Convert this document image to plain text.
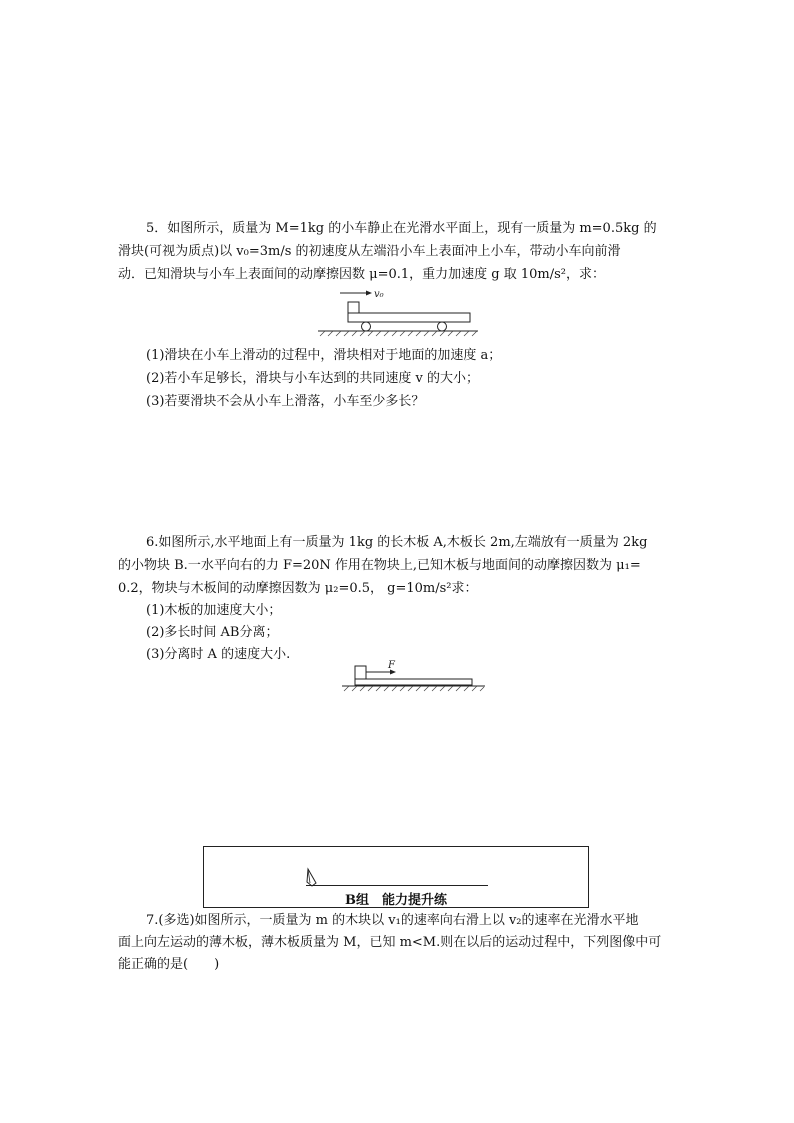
5．如图所示，质量为 M=1kg 的小车静止在光滑水平面上，现有一质量为 m=0.5kg 的
滑块(可视为质点)以 v₀=3m/s 的初速度从左端沿小车上表面冲上小车，带动小车向前滑
动．已知滑块与小车上表面间的动摩擦因数 μ=0.1，重力加速度 g 取 10m/s²，求：
v₀
(1)滑块在小车上滑动的过程中，滑块相对于地面的加速度 a；
(2)若小车足够长，滑块与小车达到的共同速度 v 的大小；
(3)若要滑块不会从小车上滑落，小车至少多长？
6.如图所示,水平地面上有一质量为 1kg 的长木板 A,木板长 2m,左端放有一质量为 2kg
的小物块 B.一水平向右的力 F=20N 作用在物块上,已知木板与地面间的动摩擦因数为 μ₁=
0.2，物块与木板间的动摩擦因数为 μ₂=0.5， g=10m/s²求：
(1)木板的加速度大小；
(2)多长时间 AB分离；
(3)分离时 A 的速度大小.
F
B组　能力提升练
7.(多选)如图所示，一质量为 m 的木块以 v₁的速率向右滑上以 v₂的速率在光滑水平地
面上向左运动的薄木板，薄木板质量为 M，已知 m<M.则在以后的运动过程中，下列图像中可
能正确的是(　　)
